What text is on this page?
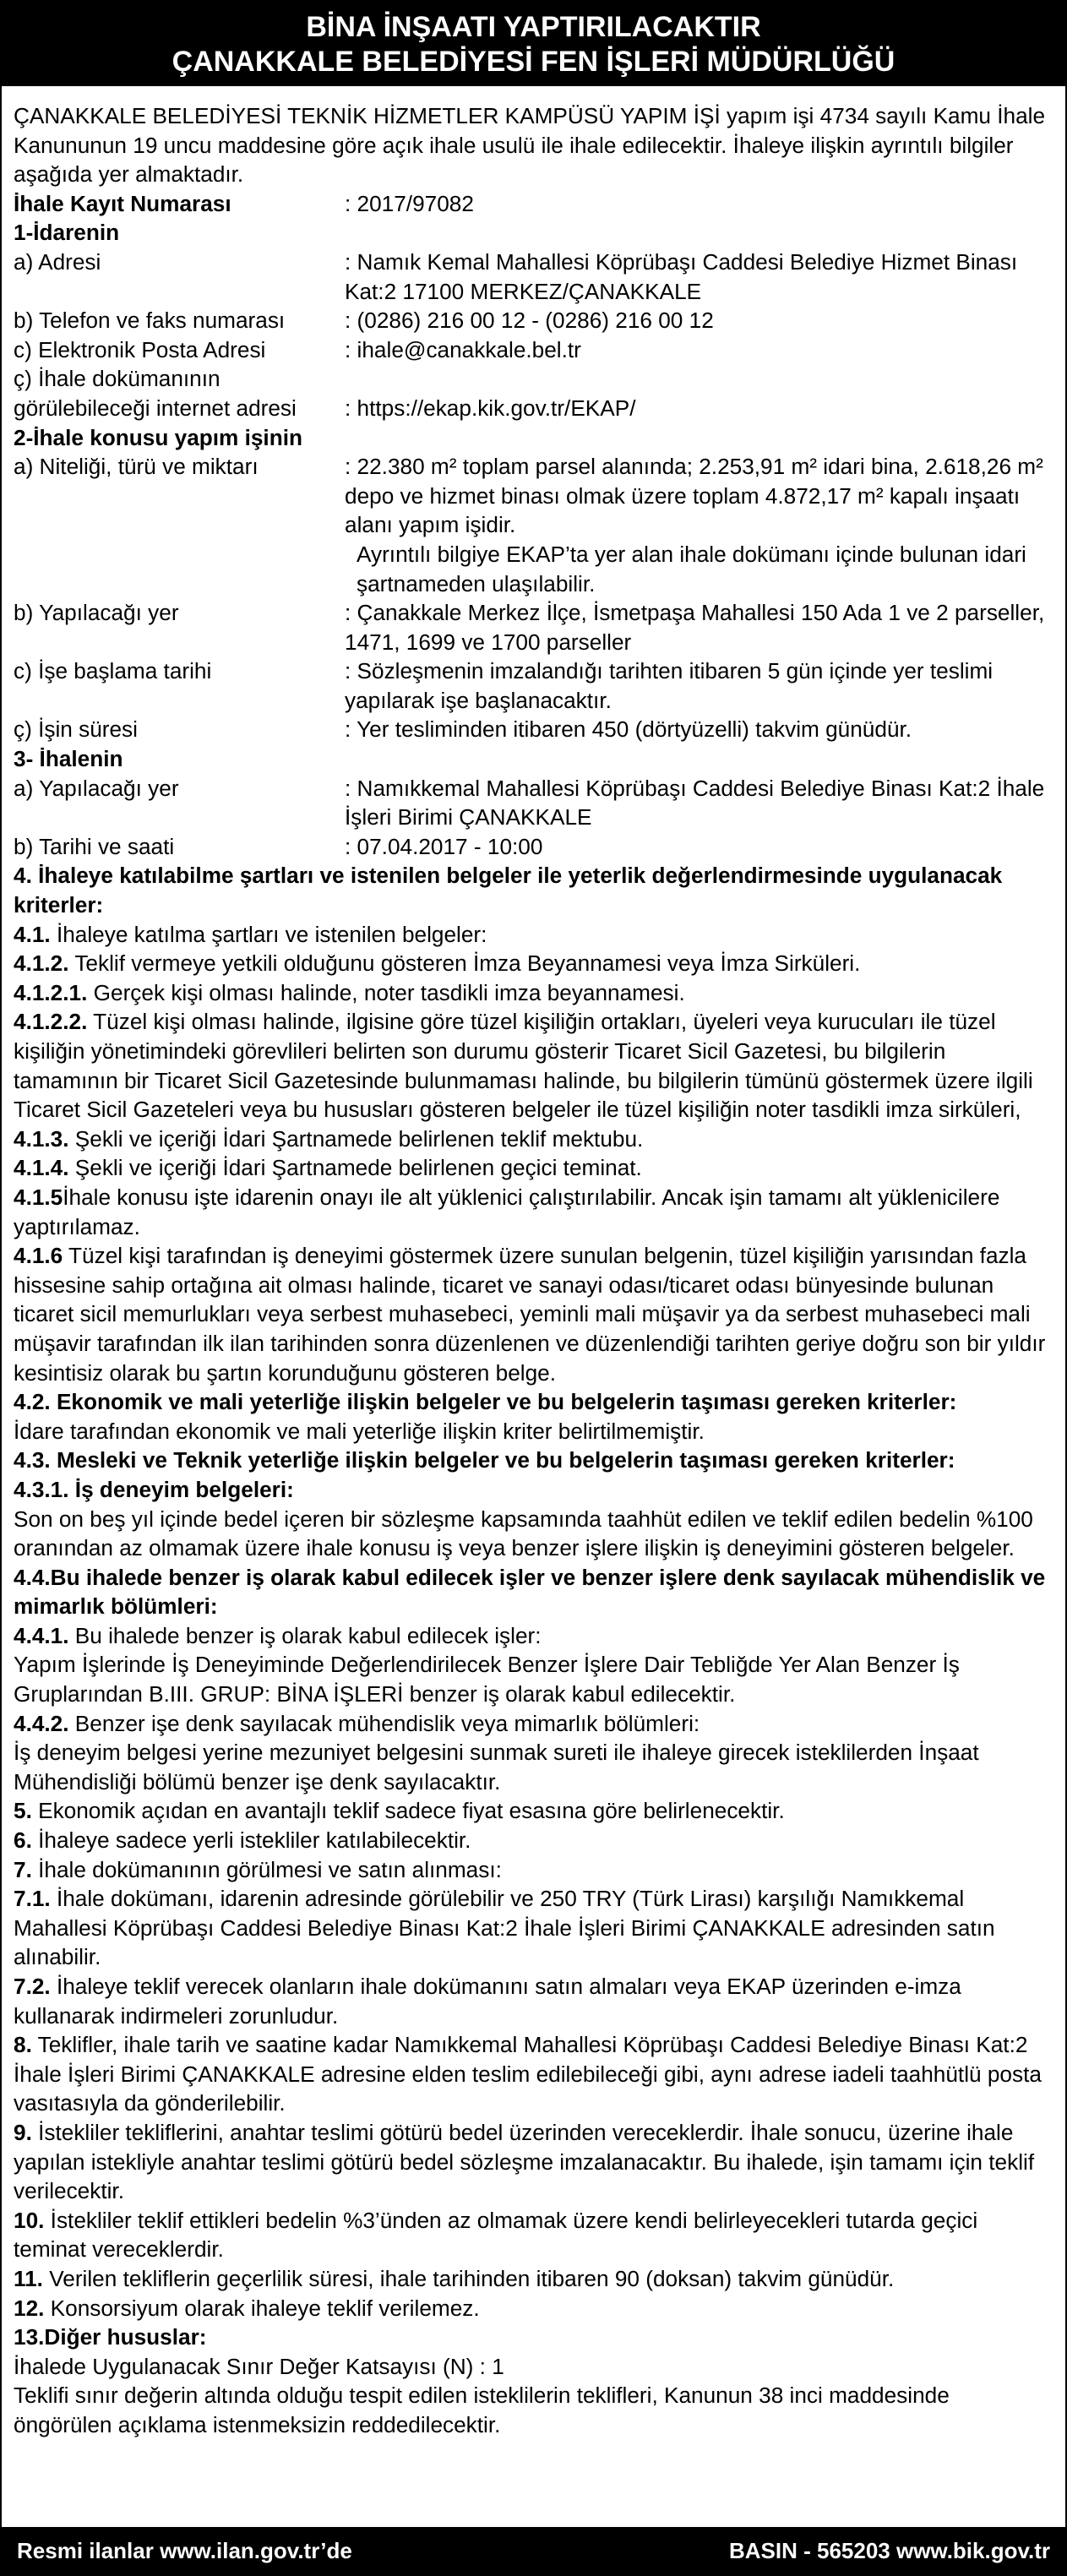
BİNA İNŞAATI YAPTIRILACAKTIR
ÇANAKKALE BELEDİYESİ FEN İŞLERİ MÜDÜRLÜĞÜ

ÇANAKKALE BELEDİYESİ TEKNİK HİZMETLER KAMPÜSÜ YAPIM İŞİ yapım işi 4734 sayılı Kamu İhale Kanununun 19 uncu maddesine göre açık ihale usulü ile ihale edilecektir. İhaleye ilişkin ayrıntılı bilgiler aşağıda yer almaktadır.

İhale Kayıt Numarası	: 2017/97082

1-İdarenin

a) Adresi	: Namık Kemal Mahallesi Köprübaşı Caddesi Belediye Hizmet Binası Kat:2 17100 MERKEZ/ÇANAKKALE
b) Telefon ve faks numarası	: (0286) 216 00 12 - (0286) 216 00 12
c) Elektronik Posta Adresi	: ihale@canakkale.bel.tr
ç) İhale dokümanının
görülebileceği internet adresi	: https://ekap.kik.gov.tr/EKAP/

2-İhale konusu yapım işinin

a) Niteliği, türü ve miktarı	: 22.380 m² toplam parsel alanında; 2.253,91 m² idari bina, 2.618,26 m² depo ve hizmet binası olmak üzere toplam 4.872,17 m² kapalı inşaatı alanı yapım işidir.
Ayrıntılı bilgiye EKAP’ta yer alan ihale dokümanı içinde bulunan idari şartnameden ulaşılabilir.
b) Yapılacağı yer	: Çanakkale Merkez İlçe, İsmetpaşa Mahallesi 150 Ada 1 ve 2 parseller, 1471, 1699 ve 1700 parseller
c) İşe başlama tarihi	: Sözleşmenin imzalandığı tarihten itibaren 5 gün içinde yer teslimi yapılarak işe başlanacaktır.
ç) İşin süresi	: Yer tesliminden itibaren 450 (dörtyüzelli) takvim günüdür.

3- İhalenin

a) Yapılacağı yer	: Namıkkemal Mahallesi Köprübaşı Caddesi Belediye Binası Kat:2 İhale İşleri Birimi ÇANAKKALE
b) Tarihi ve saati	: 07.04.2017 - 10:00

4. İhaleye katılabilme şartları ve istenilen belgeler ile yeterlik değerlendirmesinde uygulanacak kriterler:

4.1. İhaleye katılma şartları ve istenilen belgeler:

4.1.2. Teklif vermeye yetkili olduğunu gösteren İmza Beyannamesi veya İmza Sirküleri.

4.1.2.1. Gerçek kişi olması halinde, noter tasdikli imza beyannamesi.

4.1.2.2. Tüzel kişi olması halinde, ilgisine göre tüzel kişiliğin ortakları, üyeleri veya kurucuları ile tüzel kişiliğin yönetimindeki görevlileri belirten son durumu gösterir Ticaret Sicil Gazetesi, bu bilgilerin tamamının bir Ticaret Sicil Gazetesinde bulunmaması halinde, bu bilgilerin tümünü göstermek üzere ilgili Ticaret Sicil Gazeteleri veya bu hususları gösteren belgeler ile tüzel kişiliğin noter tasdikli imza sirküleri,

4.1.3. Şekli ve içeriği İdari Şartnamede belirlenen teklif mektubu.

4.1.4. Şekli ve içeriği İdari Şartnamede belirlenen geçici teminat.

4.1.5İhale konusu işte idarenin onayı ile alt yüklenici çalıştırılabilir. Ancak işin tamamı alt yüklenicilere yaptırılamaz.

4.1.6 Tüzel kişi tarafından iş deneyimi göstermek üzere sunulan belgenin, tüzel kişiliğin yarısından fazla hissesine sahip ortağına ait olması halinde, ticaret ve sanayi odası/ticaret odası bünyesinde bulunan ticaret sicil memurlukları veya serbest muhasebeci, yeminli mali müşavir ya da serbest muhasebeci mali müşavir tarafından ilk ilan tarihinden sonra düzenlenen ve düzenlendiği tarihten geriye doğru son bir yıldır kesintisiz olarak bu şartın korunduğunu gösteren belge.

4.2. Ekonomik ve mali yeterliğe ilişkin belgeler ve bu belgelerin taşıması gereken kriterler:

İdare tarafından ekonomik ve mali yeterliğe ilişkin kriter belirtilmemiştir.

4.3. Mesleki ve Teknik yeterliğe ilişkin belgeler ve bu belgelerin taşıması gereken kriterler:

4.3.1. İş deneyim belgeleri:

Son on beş yıl içinde bedel içeren bir sözleşme kapsamında taahhüt edilen ve teklif edilen bedelin %100 oranından az olmamak üzere ihale konusu iş veya benzer işlere ilişkin iş deneyimini gösteren belgeler.

4.4.Bu ihalede benzer iş olarak kabul edilecek işler ve benzer işlere denk sayılacak mühendislik ve mimarlık bölümleri:

4.4.1. Bu ihalede benzer iş olarak kabul edilecek işler:

Yapım İşlerinde İş Deneyiminde Değerlendirilecek Benzer İşlere Dair Tebliğde Yer Alan Benzer İş Gruplarından B.III. GRUP: BİNA İŞLERİ benzer iş olarak kabul edilecektir.

4.4.2. Benzer işe denk sayılacak mühendislik veya mimarlık bölümleri:

İş deneyim belgesi yerine mezuniyet belgesini sunmak sureti ile ihaleye girecek isteklilerden İnşaat Mühendisliği bölümü benzer işe denk sayılacaktır.

5. Ekonomik açıdan en avantajlı teklif sadece fiyat esasına göre belirlenecektir.

6. İhaleye sadece yerli istekliler katılabilecektir.

7. İhale dokümanının görülmesi ve satın alınması:

7.1. İhale dokümanı, idarenin adresinde görülebilir ve 250 TRY (Türk Lirası) karşılığı Namıkkemal Mahallesi Köprübaşı Caddesi Belediye Binası Kat:2 İhale İşleri Birimi ÇANAKKALE adresinden satın alınabilir.

7.2. İhaleye teklif verecek olanların ihale dokümanını satın almaları veya EKAP üzerinden e-imza kullanarak indirmeleri zorunludur.

8. Teklifler, ihale tarih ve saatine kadar Namıkkemal Mahallesi Köprübaşı Caddesi Belediye Binası Kat:2 İhale İşleri Birimi ÇANAKKALE adresine elden teslim edilebileceği gibi, aynı adrese iadeli taahhütlü posta vasıtasıyla da gönderilebilir.

9. İstekliler tekliflerini, anahtar teslimi götürü bedel üzerinden vereceklerdir. İhale sonucu, üzerine ihale yapılan istekliyle anahtar teslimi götürü bedel sözleşme imzalanacaktır. Bu ihalede, işin tamamı için teklif verilecektir.

10. İstekliler teklif ettikleri bedelin %3’ünden az olmamak üzere kendi belirleyecekleri tutarda geçici teminat vereceklerdir.

11. Verilen tekliflerin geçerlilik süresi, ihale tarihinden itibaren 90 (doksan) takvim günüdür.

12. Konsorsiyum olarak ihaleye teklif verilemez.

13.Diğer hususlar:

İhalede Uygulanacak Sınır Değer Katsayısı (N) : 1

Teklifi sınır değerin altında olduğu tespit edilen isteklilerin teklifleri, Kanunun 38 inci maddesinde öngörülen açıklama istenmeksizin reddedilecektir.

Resmi ilanlar www.ilan.gov.tr’de	BASIN - 565203 www.bik.gov.tr
